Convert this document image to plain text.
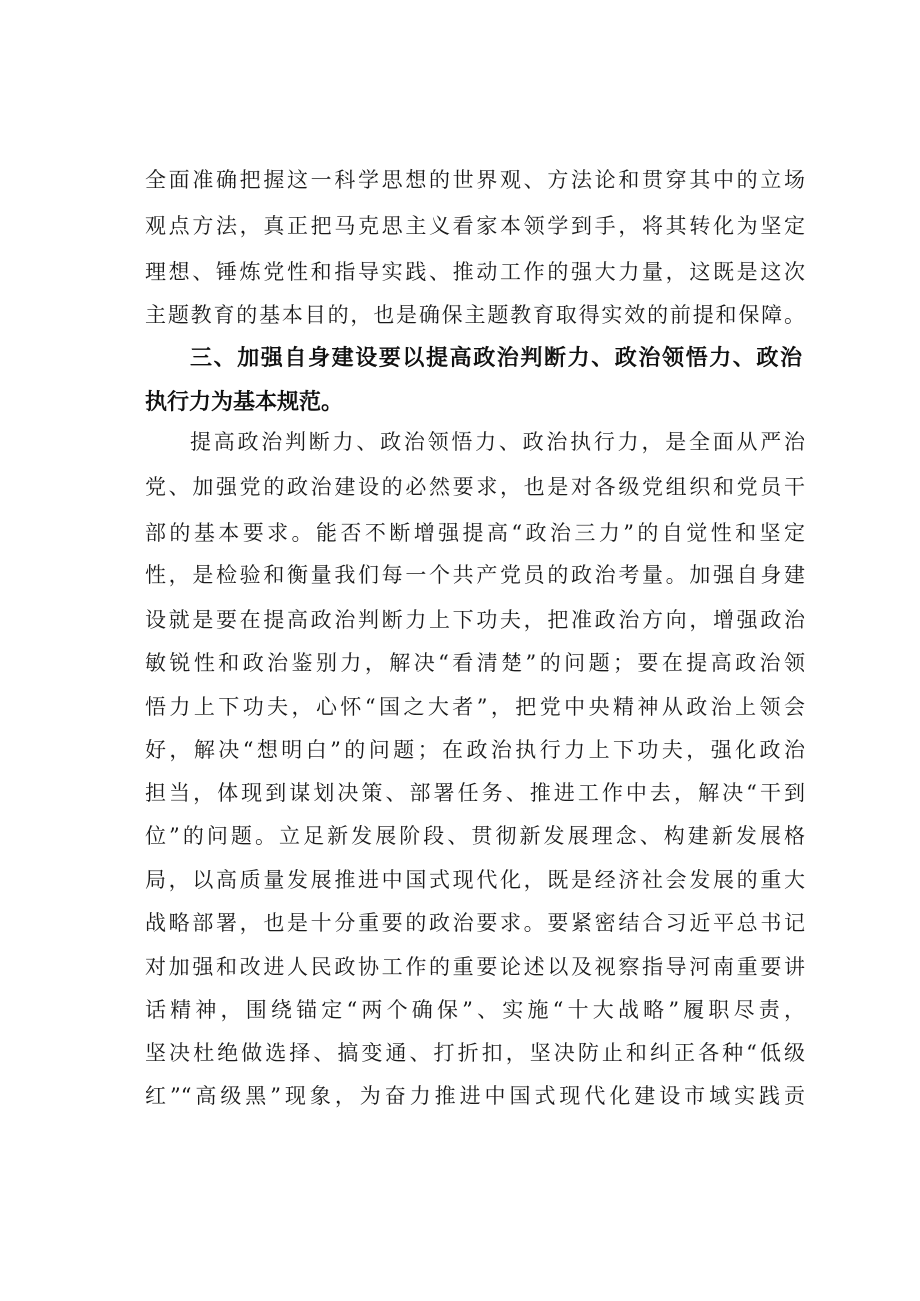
全面准确把握这一科学思想的世界观、方法论和贯穿其中的立场
观点方法，真正把马克思主义看家本领学到手，将其转化为坚定
理想、锤炼党性和指导实践、推动工作的强大力量，这既是这次
主题教育的基本目的，也是确保主题教育取得实效的前提和保障。
三、加强自身建设要以提高政治判断力、政治领悟力、政治
执行力为基本规范。
提高政治判断力、政治领悟力、政治执行力，是全面从严治
党、加强党的政治建设的必然要求，也是对各级党组织和党员干
部的基本要求。能否不断增强提高“政治三力”的自觉性和坚定
性，是检验和衡量我们每一个共产党员的政治考量。加强自身建
设就是要在提高政治判断力上下功夫，把准政治方向，增强政治
敏锐性和政治鉴别力，解决“看清楚”的问题；要在提高政治领
悟力上下功夫，心怀“国之大者”，把党中央精神从政治上领会
好，解决“想明白”的问题；在政治执行力上下功夫，强化政治
担当，体现到谋划决策、部署任务、推进工作中去，解决“干到
位”的问题。立足新发展阶段、贯彻新发展理念、构建新发展格
局，以高质量发展推进中国式现代化，既是经济社会发展的重大
战略部署，也是十分重要的政治要求。要紧密结合习近平总书记
对加强和改进人民政协工作的重要论述以及视察指导河南重要讲
话精神，围绕锚定“两个确保”、实施“十大战略”履职尽责，
坚决杜绝做选择、搞变通、打折扣，坚决防止和纠正各种“低级
红”“高级黑”现象，为奋力推进中国式现代化建设市域实践贡
